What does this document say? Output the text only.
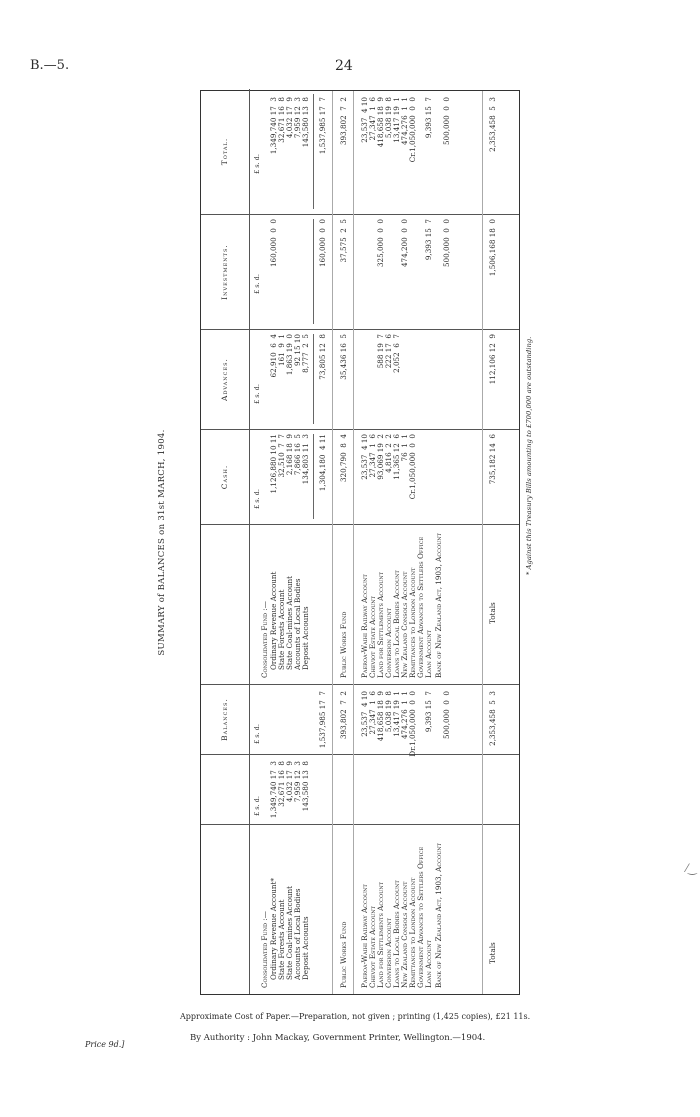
B.—5.	24
⁄‿
SUMMARY of BALANCES on 31st MARCH, 1904.
Balances.
Cash.
Advances.
Investments.
Total.
£ s. d.
£ s. d.
£ s. d.
£ s. d.
£ s. d.
£ s. d.
Consolidated Fund :— Ordinary Revenue Account* State Forests Account State Coal-mines Account Accounts of Local Bodies Deposit Accounts
1,349,740 17  3 32,671 16  8 4,032 17  9 7,959 12  3 143,580 13  8
1,537,985 17  7
Public Works Fund
393,802  7  2
Paeroa-Waihi Railway Account Cheviot Estate Account Land for Settlements Account Conversion Account Loans to Local Bodies Account New Zealand Consols Account Remittances to London Account Government Advances to Settlers Office Loan Account Bank of New Zealand Act, 1903, Account
23,537  4 10 27,347  1  6 418,658 18  9 5,038 19  8 13,417 19  1 474,276  1  1 Dr.1,050,000  0  0 9,393 15  7 500,000  0  0
Totals
2,353,458  5  3
Consolidated Fund :— Ordinary Revenue Account State Forests Account State Coal-mines Account Accounts of Local Bodies Deposit Accounts
1,126,880 10 11 32,510  7  7 2,168 18  9 7,866 16  5 134,803 11  3
62,910  6  4 161  9  1 1,863 19  0 92 15 10 8,777  2  5
160,000  0  0
1,349,740 17  3 32,671 16  8 4,032 17  9 7,959 12  3 143,580 13  8
1,304,180  4 11
73,805 12  8
160,000  0  0
1,537,985 17  7
Public Works Fund
320,790  8  4
35,436 16  5
37,575  2  5
393,802  7  2
Paeroa-Waihi Railway Account Cheviot Estate Account Land for Settlements Account Conversion Account Loans to Local Bodies Account New Zealand Consols Account Remittances to London Account Government Advances to Settlers Office Loan Account Bank of New Zealand Act, 1903, Account
23,537  4 10 27,347  1  6 93,069 19  2 4,816  2  2 11,365 12  6 76  1  1 Cr.1,050,000  0  0
588 19  7 222 17  6 2,052  6  7
325,000  0  0 474,200  0  0 9,393 15  7 500,000  0  0
23,537  4 10 27,347  1  6 418,658 18  9 5,038 19  8 13,417 19  1 474,276  1  1 Cr.1,050,000  0  0 9,393 15  7 500,000  0  0
Totals
735,182 14  6
112,106 12  9
1,506,168 18  0
2,353,458  5  3
* Against this Treasury Bills amounting to £700,000 are outstanding.
Approximate Cost of Paper.—Preparation, not given ; printing (1,425 copies), £21 11s.
By Authority : John Mackay, Government Printer, Wellington.—1904.
Price 9d.]
